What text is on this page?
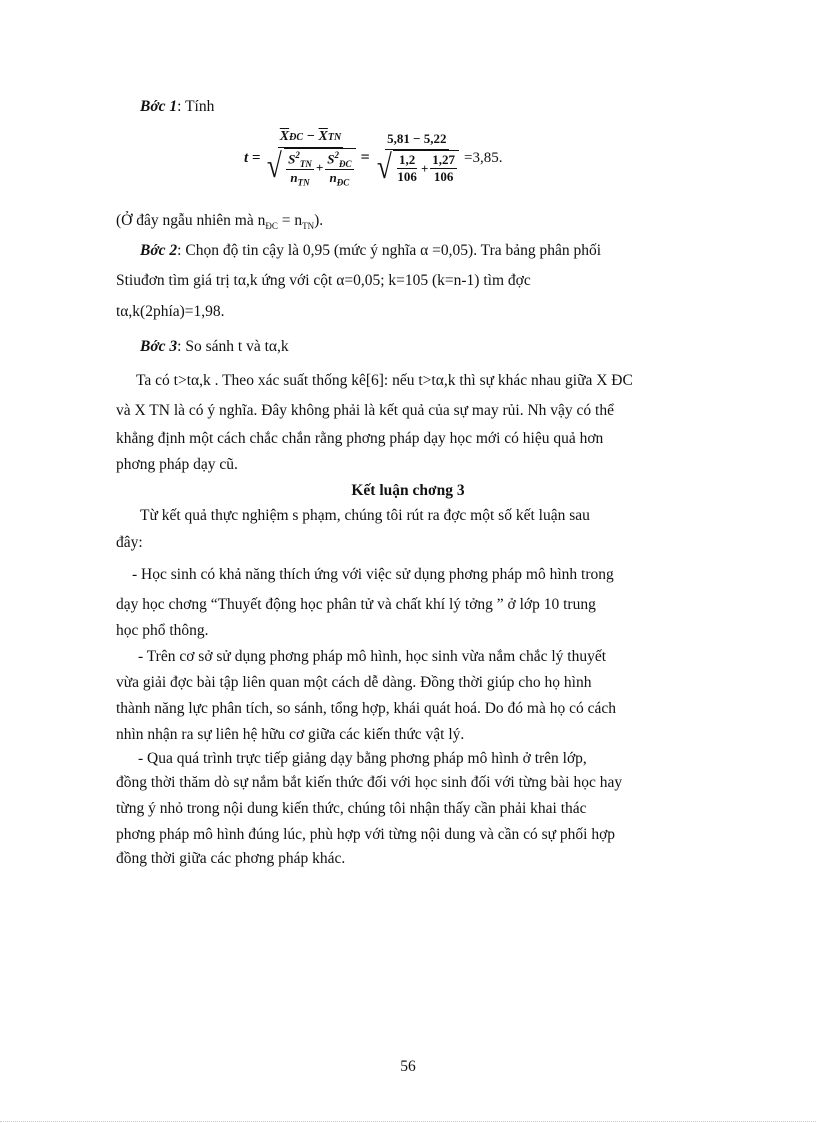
Bớc 1: Tính
t =
$\overline{X}ĐC - \overline{X}TN$
√ $\frac{S^2_{TN}}{n_{TN}} + \frac{S^2_{ĐC}}{n_{ĐC}}$ =
5,81 − 5,22
√ $\frac{1,2}{106} + \frac{1,27}{106} =3,85$.
(Ở đây ngẫu nhiên mà $n_{ĐC} = n_{TN}$).
Bớc 2: Chọn độ tin cậy là 0,95 (mức ý nghĩa α =0,05). Tra bảng phân phối
Stiuđơn tìm giá trị tα,k ứng với cột α=0,05; k=105 (k=n-1) tìm đợc
tα,k(2phía)=1,98.
Bớc 3: So sánh t và tα,k
Ta có t>tα,k . Theo xác suất thống kê[6]: nếu t>tα,k thì sự khác nhau giữa X ĐC
và X TN là có ý nghĩa. Đây không phải là kết quả của sự may rủi. Nh vậy có thể
khẳng định một cách chắc chắn rằng phơng pháp dạy học mới có hiệu quả hơn
phơng pháp dạy cũ.
Kết luận chơng 3
Từ kết quả thực nghiệm s phạm, chúng tôi rút ra đợc một số kết luận sau
đây:
- Học sinh có khả năng thích ứng với việc sử dụng phơng pháp mô hình trong
dạy học chơng “Thuyết động học phân tử và chất khí lý tởng ” ở lớp 10 trung
học phổ thông.
- Trên cơ sở sử dụng phơng pháp mô hình, học sinh vừa nắm chắc lý thuyết
vừa giải đợc bài tập liên quan một cách dễ dàng. Đồng thời giúp cho họ hình
thành năng lực phân tích, so sánh, tổng hợp, khái quát hoá. Do đó mà họ có cách
nhìn nhận ra sự liên hệ hữu cơ giữa các kiến thức vật lý.
- Qua quá trình trực tiếp giảng dạy bằng phơng pháp mô hình ở trên lớp,
đồng thời thăm dò sự nắm bắt kiến thức đối với học sinh đối với từng bài học hay
từng ý nhỏ trong nội dung kiến thức, chúng tôi nhận thấy cần phải khai thác
phơng pháp mô hình đúng lúc, phù hợp với từng nội dung và cần có sự phối hợp
đồng thời giữa các phơng pháp khác.
56
